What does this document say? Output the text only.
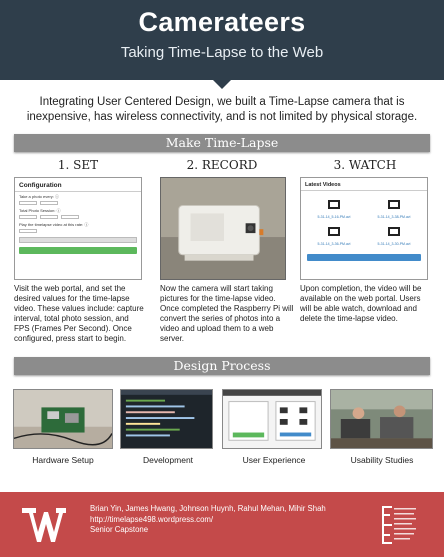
Camerateers
Taking Time-Lapse to the Web
Integrating User Centered Design, we built a Time-Lapse camera that is inexpensive, has wireless connectivity, and is not limited by physical storage.
Make Time-Lapse
1. SET	2. RECORD	3. WATCH
Configuration
Take a photo every: ⓘ
Total Photo Session: ⓘ
Play the timelapse video at this rate: ⓘ
Latest Videos
5-31-14_5-16-PM.avi	5-31-14_3-38-PM.avi
5-31-14_3-36-PM.avi	5-31-14_3-30-PM.avi
Visit the web portal, and set the desired values for the time-lapse video. These values include: capture interval, total photo session, and FPS (Frames Per Second). Once configured, press start to begin.
Now the camera will start taking pictures for the time-lapse video. Once completed the Raspberry Pi will convert the series of photos into a video and upload them to a web server.
Upon completion, the video will be available on the web portal. Users will be able watch, download and delete the time-lapse video.
Design Process
Hardware Setup	Development	User Experience	Usability Studies
Brian Yin, James Hwang, Johnson Huynh, Rahul Mehan, Mihir Shah
http://timelapse498.wordpress.com/
Senior Capstone
